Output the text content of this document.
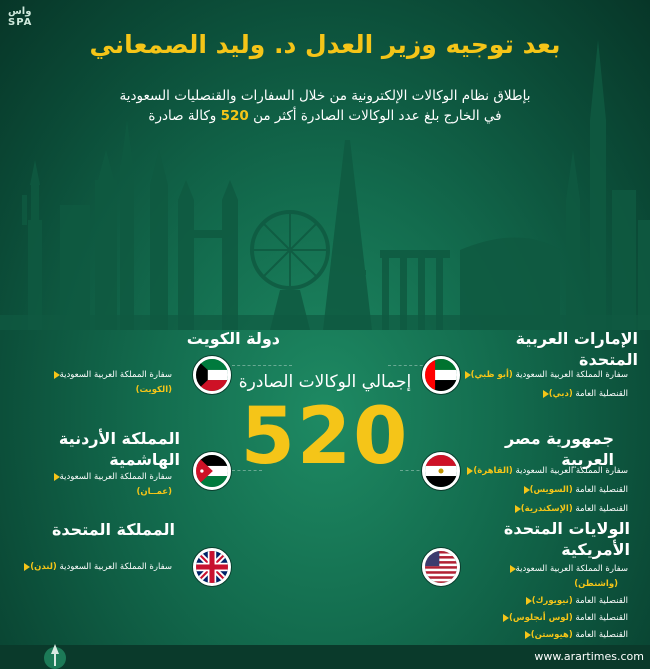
واس
SPA
بعد توجيه وزير العدل د. وليد الصمعاني
بإطلاق نظام الوكالات الإلكترونية من خلال السفارات والقنصليات السعودية
في الخارج بلغ عدد الوكالات الصادرة أكثر من 520 وكالة صادرة
إجمالي الوكالات الصادرة
520
دولة الكويت
سفارة المملكة العربية السعودية
(الكويت)
المملكة الأردنية
الهاشمية
سفارة المملكة العربية السعودية
(عمــان)
المملكة المتحدة
سفارة المملكة العربية السعودية (لندن)
الإمارات العربية
المتحدة
سفارة المملكة العربية السعودية (أبو ظبي)
القنصلية العامة (دبي)
جمهورية مصر
العربية
سفارة المملكة العربية السعودية (القاهرة)
القنصلية العامة (السويس)
القنصلية العامة (الإسكندرية)
الولايات المتحدة
الأمريكية
سفارة المملكة العربية السعودية
(واشنطن)
القنصلية العامة (نيويورك)
القنصلية العامة (لوس أنجلوس)
القنصلية العامة (هيوستن)
www.arartimes.com
